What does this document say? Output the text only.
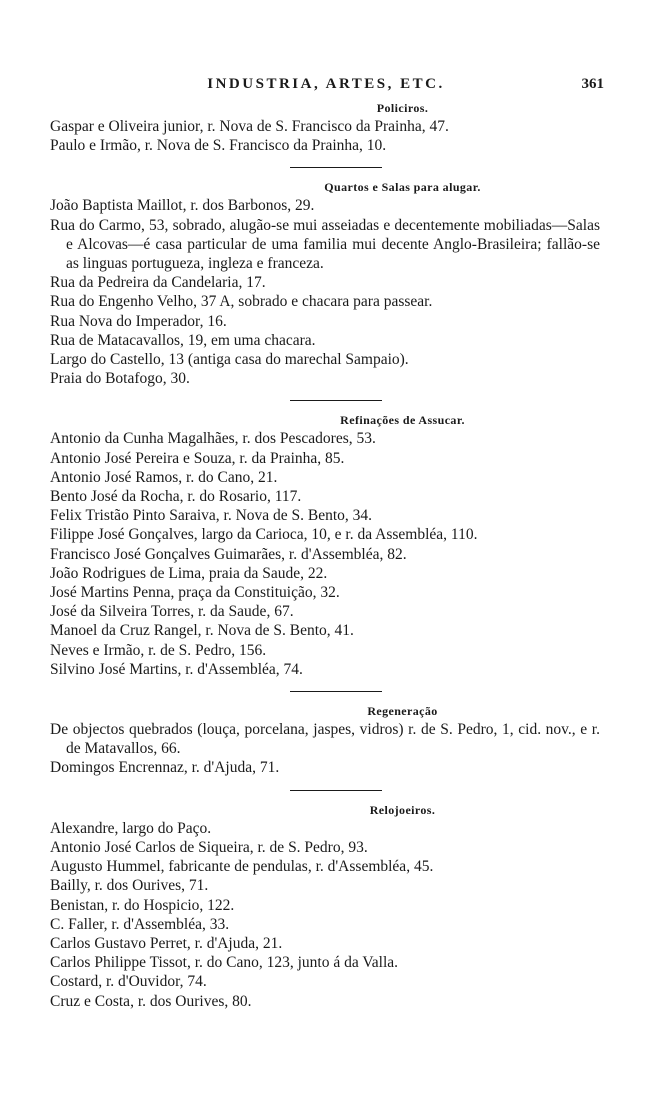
INDUSTRIA, ARTES, ETC.	361
Policiros.
Gaspar e Oliveira junior, r. Nova de S. Francisco da Prainha, 47.
Paulo e Irmão, r. Nova de S. Francisco da Prainha, 10.
Quartos e Salas para alugar.
João Baptista Maillot, r. dos Barbonos, 29.
Rua do Carmo, 53, sobrado, alugão-se mui asseiadas e decentemente mobiliadas—Salas e Alcovas—é casa particular de uma familia mui decente Anglo-Brasileira; fallão-se as linguas portugueza, ingleza e franceza.
Rua da Pedreira da Candelaria, 17.
Rua do Engenho Velho, 37 A, sobrado e chacara para passear.
Rua Nova do Imperador, 16.
Rua de Matacavallos, 19, em uma chacara.
Largo do Castello, 13 (antiga casa do marechal Sampaio).
Praia do Botafogo, 30.
Refinações de Assucar.
Antonio da Cunha Magalhães, r. dos Pescadores, 53.
Antonio José Pereira e Souza, r. da Prainha, 85.
Antonio José Ramos, r. do Cano, 21.
Bento José da Rocha, r. do Rosario, 117.
Felix Tristão Pinto Saraiva, r. Nova de S. Bento, 34.
Filippe José Gonçalves, largo da Carioca, 10, e r. da Assembléa, 110.
Francisco José Gonçalves Guimarães, r. d'Assembléa, 82.
João Rodrigues de Lima, praia da Saude, 22.
José Martins Penna, praça da Constituição, 32.
José da Silveira Torres, r. da Saude, 67.
Manoel da Cruz Rangel, r. Nova de S. Bento, 41.
Neves e Irmão, r. de S. Pedro, 156.
Silvino José Martins, r. d'Assembléa, 74.
Regeneração
De objectos quebrados (louça, porcelana, jaspes, vidros) r. de S. Pedro, 1, cid. nov., e r. de Matavallos, 66.
Domingos Encrennaz, r. d'Ajuda, 71.
Relojoeiros.
Alexandre, largo do Paço.
Antonio José Carlos de Siqueira, r. de S. Pedro, 93.
Augusto Hummel, fabricante de pendulas, r. d'Assembléa, 45.
Bailly, r. dos Ourives, 71.
Benistan, r. do Hospicio, 122.
C. Faller, r. d'Assembléa, 33.
Carlos Gustavo Perret, r. d'Ajuda, 21.
Carlos Philippe Tissot, r. do Cano, 123, junto á da Valla.
Costard, r. d'Ouvidor, 74.
Cruz e Costa, r. dos Ourives, 80.
